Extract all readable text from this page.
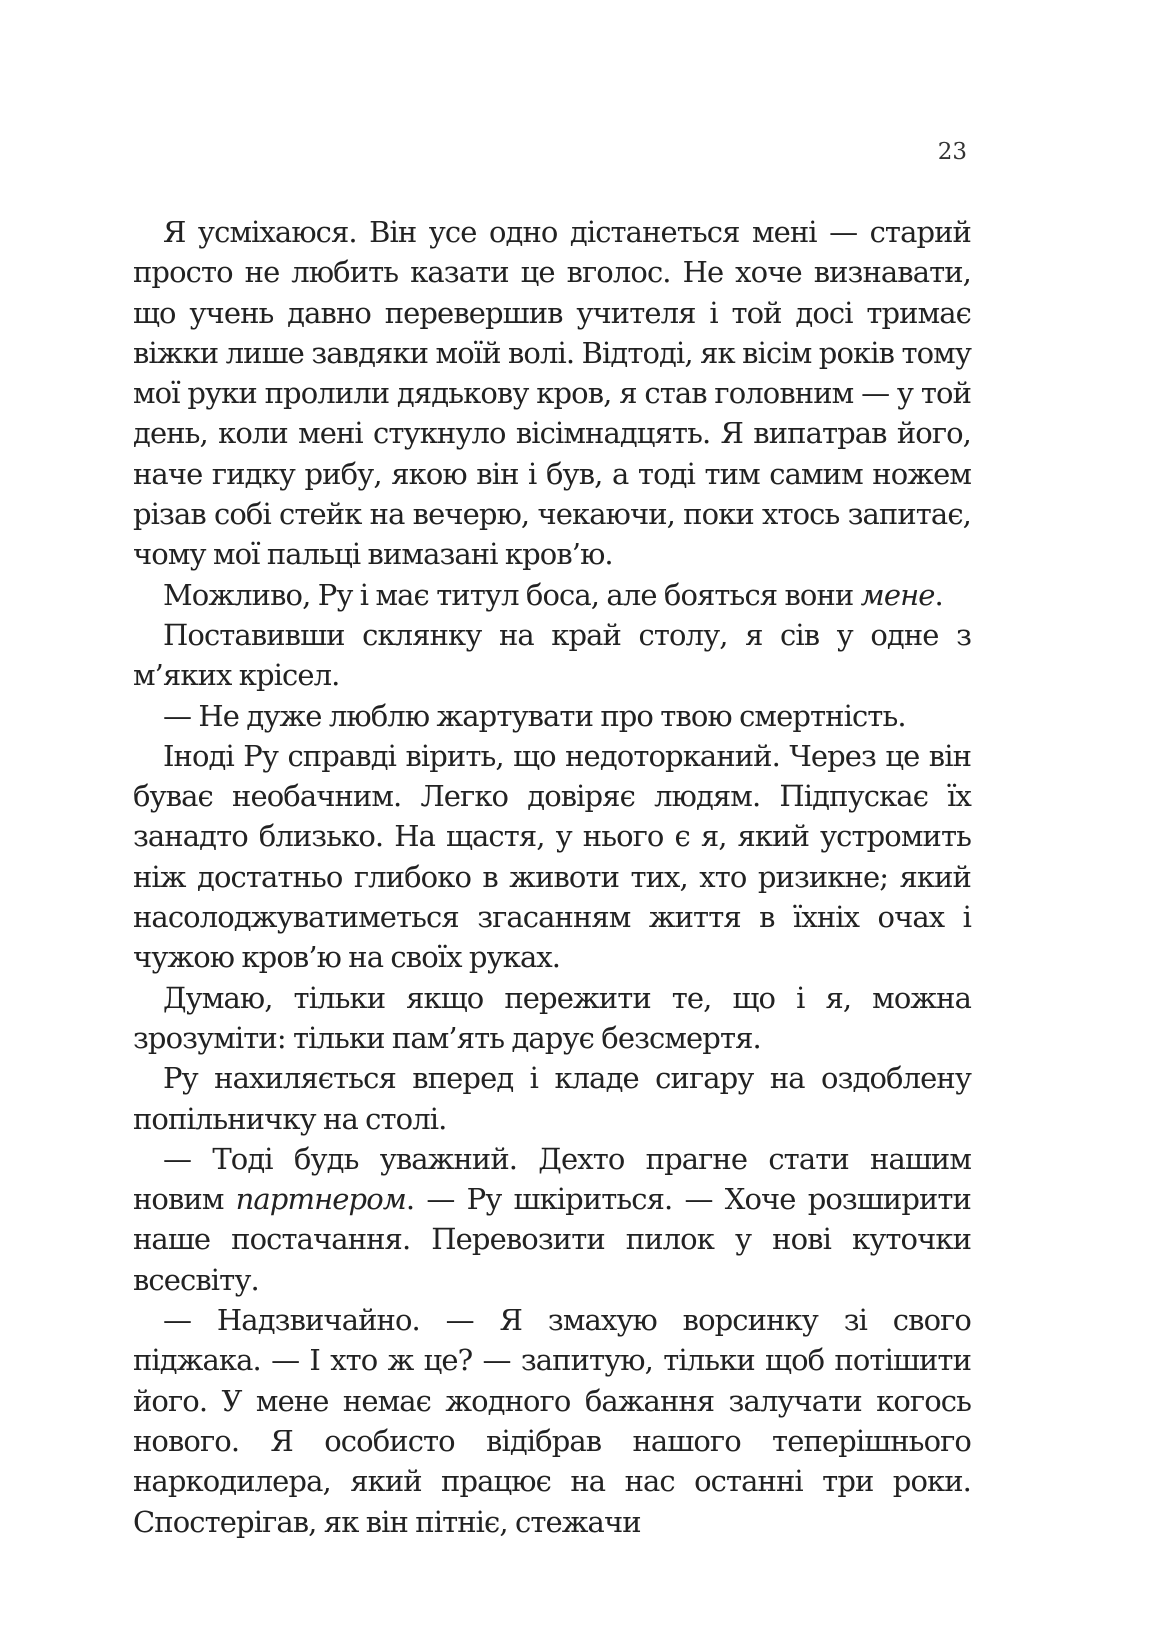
23

Я усміхаюся. Він усе одно дістанеться мені — старий просто не любить казати це вголос. Не хоче визнавати, що учень давно перевершив учителя і той досі тримає віжки лише завдяки моїй волі. Відтоді, як вісім років тому мої руки пролили дядькову кров, я став головним — у той день, коли мені стукнуло вісімнадцять. Я випатрав його, наче гидку рибу, якою він і був, а тоді тим самим ножем різав собі стейк на вечерю, чекаючи, поки хтось запитає, чому мої пальці вимазані кров’ю.

Можливо, Ру і має титул боса, але бояться вони мене.

Поставивши склянку на край столу, я сів у одне з м’яких крісел.

— Не дуже люблю жартувати про твою смертність.

Іноді Ру справді вірить, що недоторканий. Через це він буває необачним. Легко довіряє людям. Підпускає їх занадто близько. На щастя, у нього є я, який устромить ніж достатньо глибоко в животи тих, хто ризикне; який насолоджуватиметься згасанням життя в їхніх очах і чужою кров’ю на своїх руках.

Думаю, тільки якщо пережити те, що і я, можна зрозуміти: тільки пам’ять дарує безсмертя.

Ру нахиляється вперед і кладе сигару на оздоблену попільничку на столі.

— Тоді будь уважний. Дехто прагне стати нашим новим партнером. — Ру шкіриться. — Хоче розширити наше постачання. Перевозити пилок у нові куточки всесвіту.

— Надзвичайно. — Я змахую ворсинку зі свого піджака. — І хто ж це? — запитую, тільки щоб потішити його. У мене немає жодного бажання залучати когось нового. Я особисто відібрав нашого теперішнього наркодилера, який працює на нас останні три роки. Спостерігав, як він пітніє, стежачи
